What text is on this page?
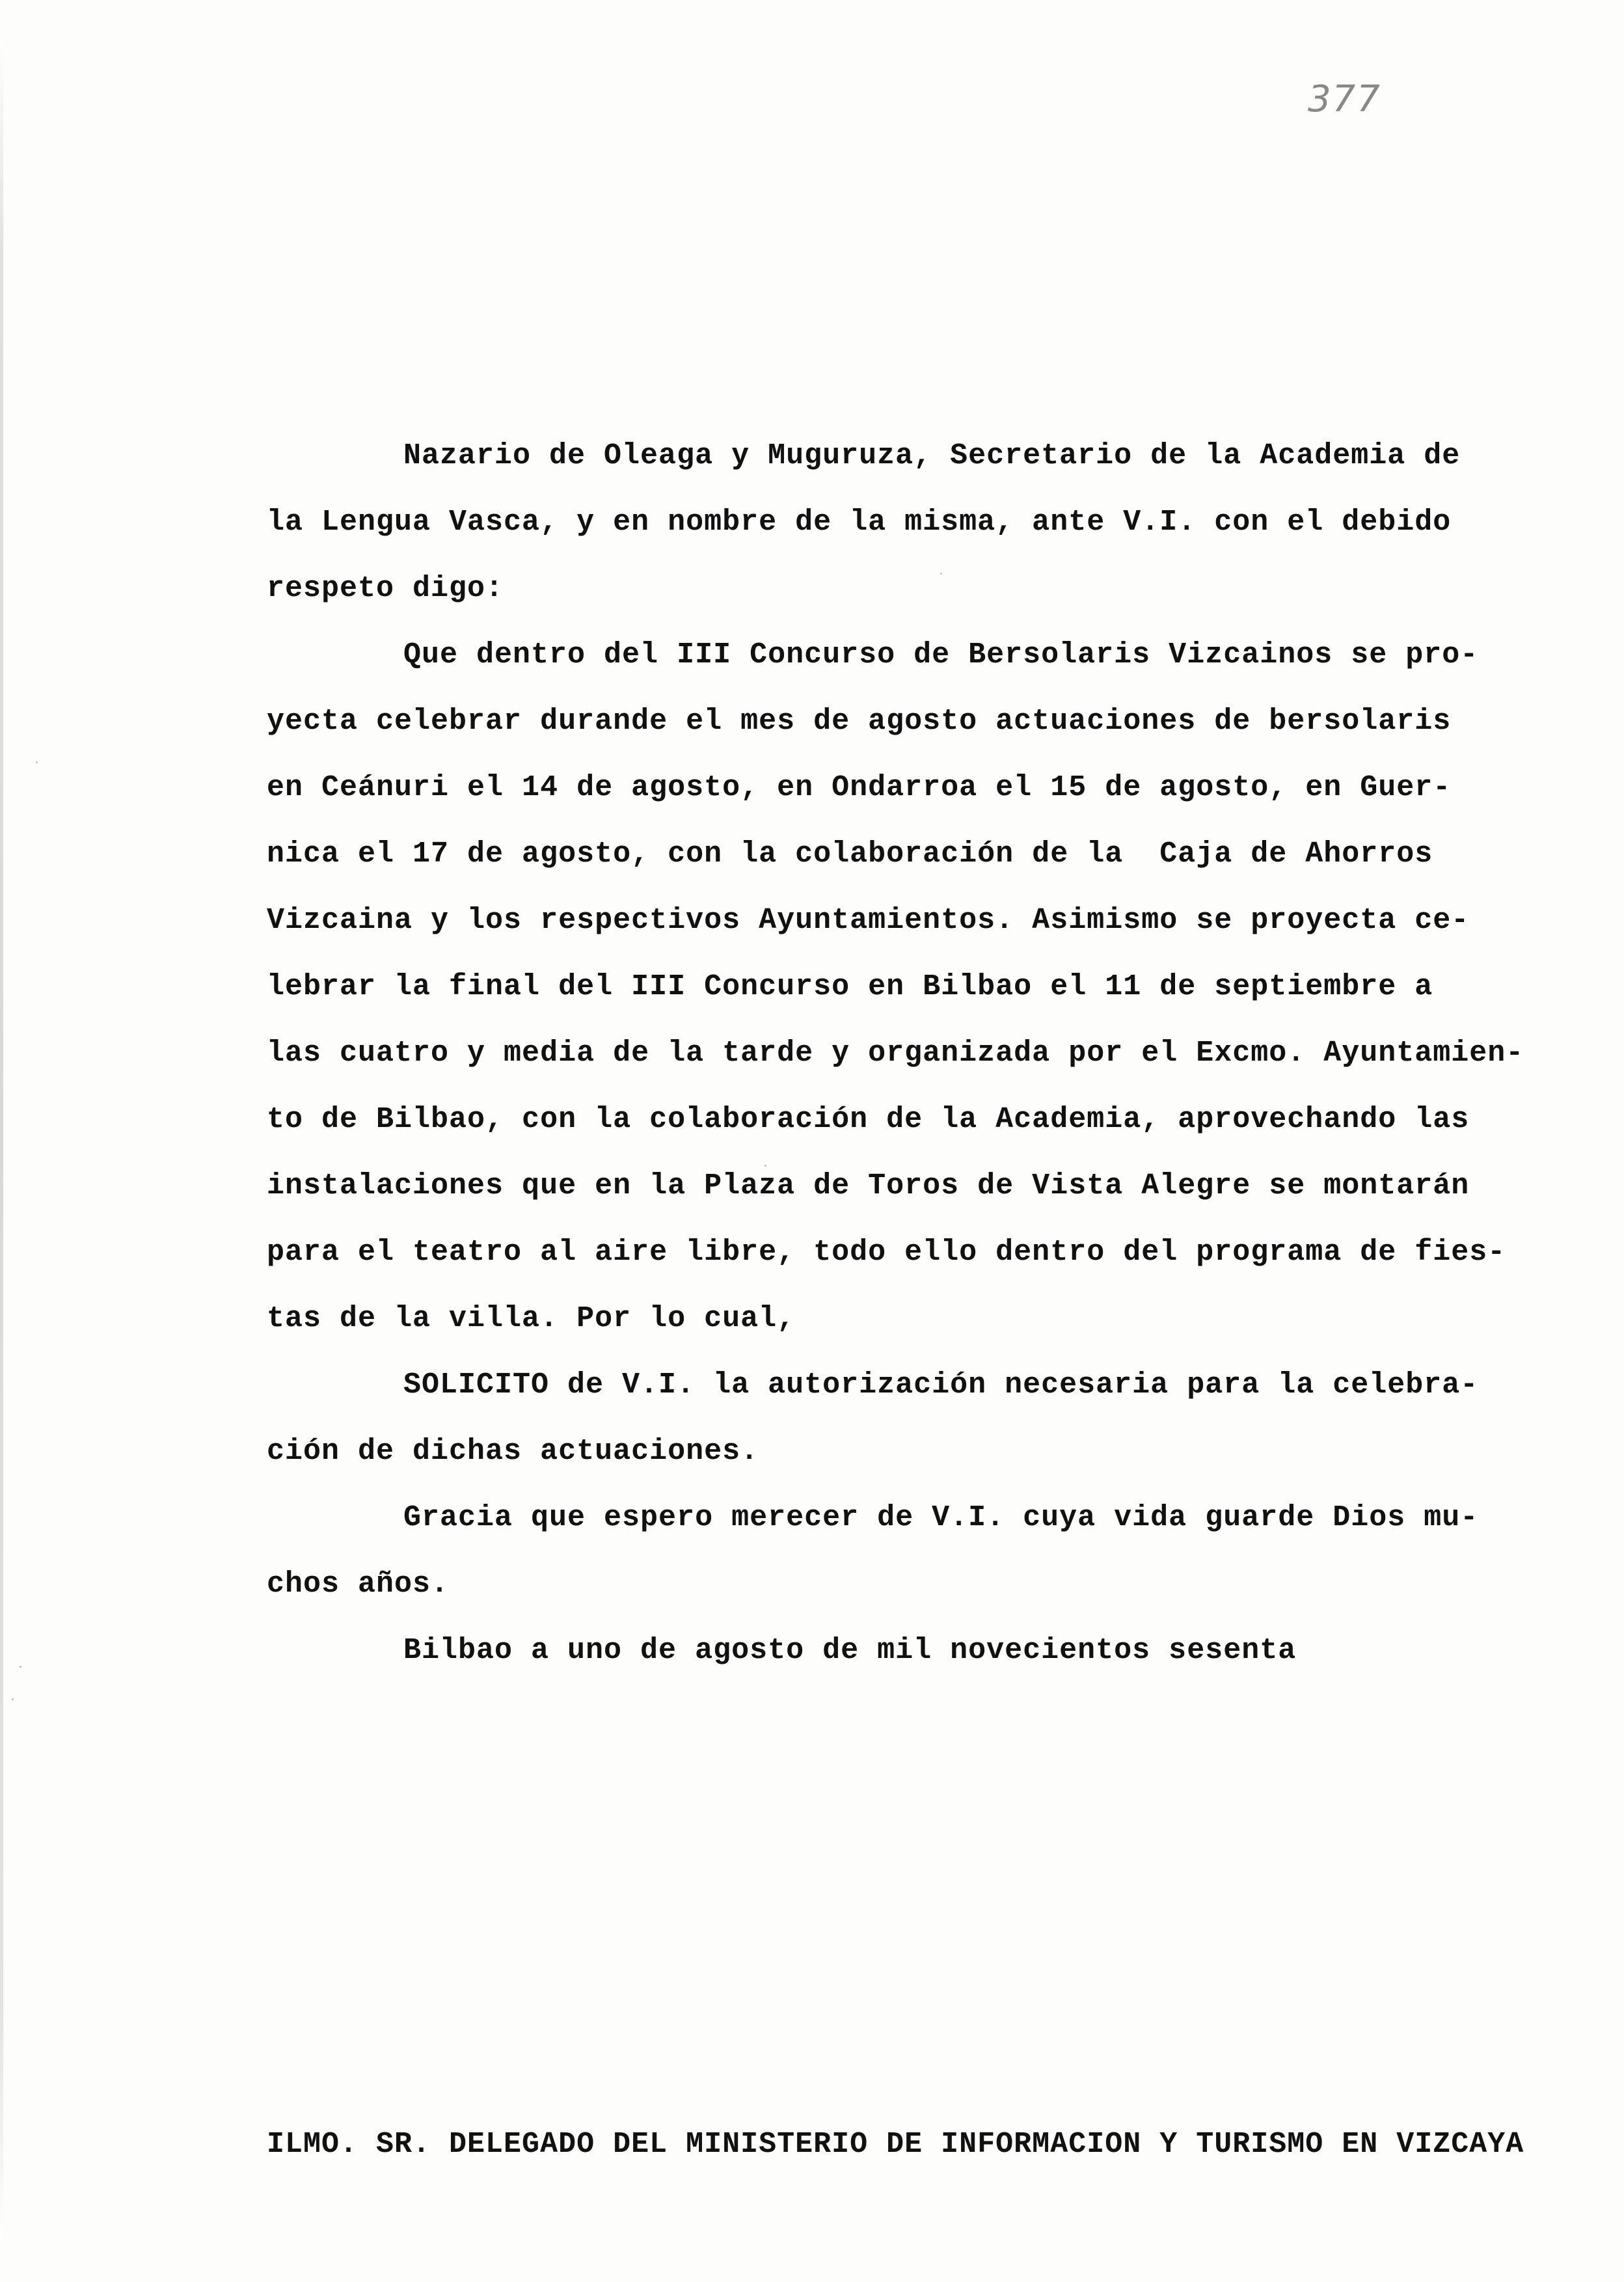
377
Nazario de Oleaga y Muguruza, Secretario de la Academia de
la Lengua Vasca, y en nombre de la misma, ante V.I. con el debido
respeto digo:
Que dentro del III Concurso de Bersolaris Vizcainos se pro-
yecta celebrar durande el mes de agosto actuaciones de bersolaris
en Ceánuri el 14 de agosto, en Ondarroa el 15 de agosto, en Guer-
nica el 17 de agosto, con la colaboración de la  Caja de Ahorros
Vizcaina y los respectivos Ayuntamientos. Asimismo se proyecta ce-
lebrar la final del III Concurso en Bilbao el 11 de septiembre a
las cuatro y media de la tarde y organizada por el Excmo. Ayuntamien-
to de Bilbao, con la colaboración de la Academia, aprovechando las
instalaciones que en la Plaza de Toros de Vista Alegre se montarán
para el teatro al aire libre, todo ello dentro del programa de fies-
tas de la villa. Por lo cual,
SOLICITO de V.I. la autorización necesaria para la celebra-
ción de dichas actuaciones.
Gracia que espero merecer de V.I. cuya vida guarde Dios mu-
chos años.
Bilbao a uno de agosto de mil novecientos sesenta
ILMO. SR. DELEGADO DEL MINISTERIO DE INFORMACION Y TURISMO EN VIZCAYA
